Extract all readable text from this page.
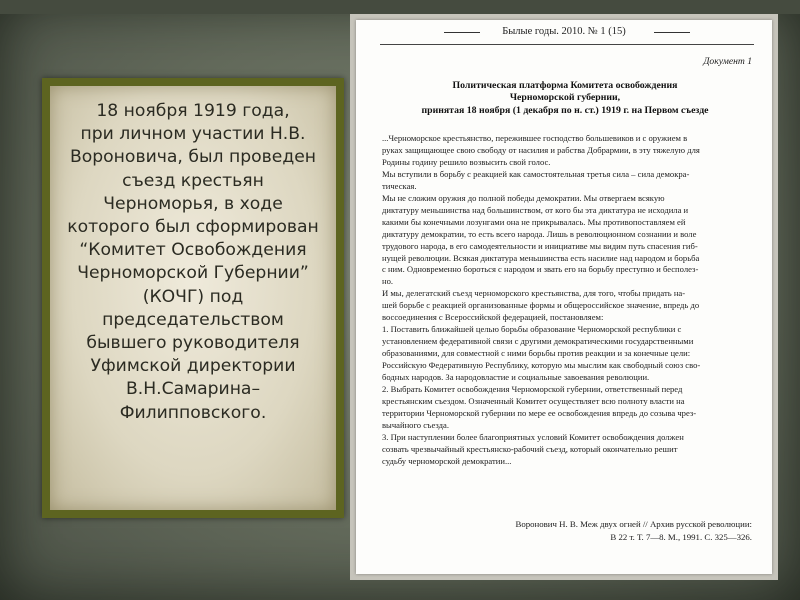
18 ноября 1919 года,
при личном участии Н.В.
Вороновича, был проведен
съезд крестьян
Черноморья, в ходе
которого был сформирован
“Комитет Освобождения
Черноморской Губернии”
(КОЧГ) под
председательством
бывшего руководителя
Уфимской директории
В.Н.Самарина–
Филипповского.
Былые годы. 2010. № 1 (15)
Документ 1
Политическая платформа Комитета освобождения
Черноморской губернии,
принятая 18 ноября (1 декабря по н. ст.) 1919 г. на Первом съезде
...Черноморское крестьянство, пережившее господство большевиков и с оружием в
руках защищающее свою свободу от насилия и рабства Добрармии, в эту тяжелую для
Родины годину решило возвысить свой голос.
Мы вступили в борьбу с реакцией как самостоятельная третья сила – сила демокра-
тическая.
Мы не сложим оружия до полной победы демократии. Мы отвергаем всякую
диктатуру меньшинства над большинством, от кого бы эта диктатура не исходила и
какими бы конечными лозунгами она не прикрывалась. Мы противопоставляем ей
диктатуру демократии, то есть всего народа. Лишь в революционном сознании и воле
трудового народа, в его самодеятельности и инициативе мы видим путь спасения гиб-
нущей революции. Всякая диктатура меньшинства есть насилие над народом и борьба
с ним. Одновременно бороться с народом и звать его на борьбу преступно и бесполез-
но.
И мы, делегатский съезд черноморского крестьянства, для того, чтобы придать на-
шей борьбе с реакцией организованные формы и общероссийское значение, впредь до
воссоединения с Всероссийской федерацией, постановляем:
1. Поставить ближайшей целью борьбы образование Черноморской республики с
установлением федеративной связи с другими демократическими государственными
образованиями, для совместной с ними борьбы против реакции и за конечные цели:
Российскую Федеративную Республику, которую мы мыслим как свободный союз сво-
бодных народов. За народовластие и социальные завоевания революции.
2. Выбрать Комитет освобождения Черноморской губернии, ответственный перед
крестьянским съездом. Означенный Комитет осуществляет всю полноту власти на
территории Черноморской губернии по мере ее освобождения впредь до созыва чрез-
вычайного съезда.
3. При наступлении более благоприятных условий Комитет освобождения должен
созвать чрезвычайный крестьянско-рабочий съезд, который окончательно решит
судьбу черноморской демократии...
Воронович Н. В. Меж двух огней // Архив русской революции:
В 22 т. Т. 7—8. М., 1991. С. 325—326.
